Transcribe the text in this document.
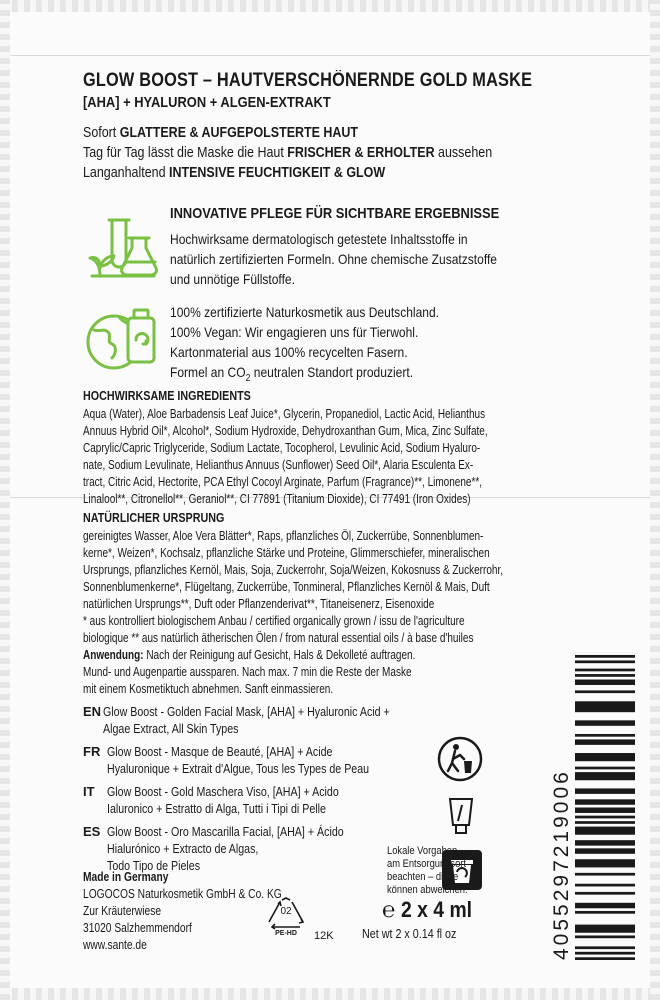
GLOW BOOST – HAUTVERSCHÖNERNDE GOLD MASKE
[AHA] + HYALURON + ALGEN-EXTRAKT
Sofort GLATTERE & AUFGEPOLSTERTE HAUT
Tag für Tag lässt die Maske die Haut FRISCHER & ERHOLTER aussehen
Langanhaltend INTENSIVE FEUCHTIGKEIT & GLOW
INNOVATIVE PFLEGE FÜR SICHTBARE ERGEBNISSE
Hochwirksame dermatologisch getestete Inhaltsstoffe in
natürlich zertifizierten Formeln. Ohne chemische Zusatzstoffe
und unnötige Füllstoffe.
100% zertifizierte Naturkosmetik aus Deutschland.
100% Vegan: Wir engagieren uns für Tierwohl.
Kartonmaterial aus 100% recycelten Fasern.
Formel an $CO_2$ neutralen Standort produziert.
HOCHWIRKSAME INGREDIENTS
Aqua (Water), Aloe Barbadensis Leaf Juice*, Glycerin, Propanediol, Lactic Acid, Helianthus
Annuus Hybrid Oil*, Alcohol*, Sodium Hydroxide, Dehydroxanthan Gum, Mica, Zinc Sulfate,
Caprylic/Capric Triglyceride, Sodium Lactate, Tocopherol, Levulinic Acid, Sodium Hyaluro-
nate, Sodium Levulinate, Helianthus Annuus (Sunflower) Seed Oil*, Alaria Esculenta Ex-
tract, Citric Acid, Hectorite, PCA Ethyl Cocoyl Arginate, Parfum (Fragrance)**, Limonene**,
Linalool**, Citronellol**, Geraniol**, CI 77891 (Titanium Dioxide), CI 77491 (Iron Oxides)
NATÜRLICHER URSPRUNG
gereinigtes Wasser, Aloe Vera Blätter*, Raps, pflanzliches Öl, Zuckerrübe, Sonnenblumen-
kerne*, Weizen*, Kochsalz, pflanzliche Stärke und Proteine, Glimmerschiefer, mineralischen
Ursprungs, pflanzliches Kernöl, Mais, Soja, Zuckerrohr, Soja/Weizen, Kokosnuss & Zuckerrohr,
Sonnenblumenkerne*, Flügeltang, Zuckerrübe, Tonmineral, Pflanzliches Kernöl & Mais, Duft
natürlichen Ursprungs**, Duft oder Pflanzenderivat**, Titaneisenerz, Eisenoxide
* aus kontrolliert biologischem Anbau / certified organically grown / issu de l'agriculture
biologique ** aus natürlich ätherischen Ölen / from natural essential oils / à base d'huiles
Anwendung: Nach der Reinigung auf Gesicht, Hals & Dekolleté auftragen.
Mund- und Augenpartie aussparen. Nach max. 7 min die Reste der Maske
mit einem Kosmetiktuch abnehmen. Sanft einmassieren.
EN Glow Boost - Golden Facial Mask, [AHA] + Hyaluronic Acid +
Algae Extract, All Skin Types
FR Glow Boost - Masque de Beauté, [AHA] + Acide
Hyaluronique + Extrait d'Algue, Tous les Types de Peau
IT Glow Boost - Gold Maschera Viso, [AHA] + Acido
Ialuronico + Estratto di Alga, Tutti i Tipi di Pelle
ES Glow Boost - Oro Mascarilla Facial, [AHA] + Ácido
Hialurónico + Extracto de Algas,
Todo Tipo de Pieles
Made in Germany
LOGOCOS Naturkosmetik GmbH & Co. KG
Zur Kräuterwiese
31020 Salzhemmendorf
www.sante.de
02
PE-HD	12K
Lokale Vorgaben
am Entsorgungsort
beachten – diese
können abweichen.
℮ 2 x 4 ml
Net wt 2 x 0.14 fl oz	4055297219006
